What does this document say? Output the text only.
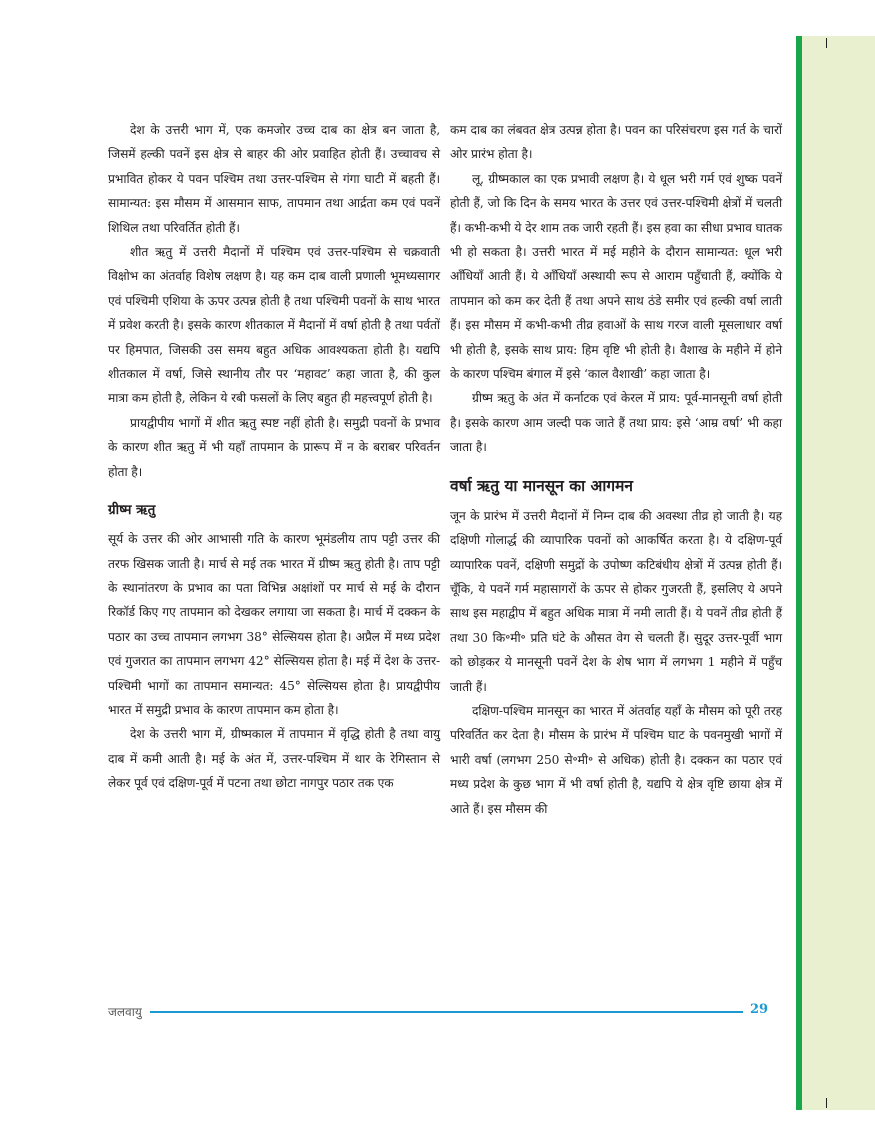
देश के उत्तरी भाग में, एक कमजोर उच्च दाब का क्षेत्र बन जाता है, जिसमें हल्की पवनें इस क्षेत्र से बाहर की ओर प्रवाहित होती हैं। उच्चावच से प्रभावित होकर ये पवन पश्चिम तथा उत्तर-पश्चिम से गंगा घाटी में बहती हैं। सामान्यत: इस मौसम में आसमान साफ, तापमान तथा आर्द्रता कम एवं पवनें शिथिल तथा परिवर्तित होती हैं।

शीत ऋतु में उत्तरी मैदानों में पश्चिम एवं उत्तर-पश्चिम से चक्रवाती विक्षोभ का अंतर्वाह विशेष लक्षण है। यह कम दाब वाली प्रणाली भूमध्यसागर एवं पश्चिमी एशिया के ऊपर उत्पन्न होती है तथा पश्चिमी पवनों के साथ भारत में प्रवेश करती है। इसके कारण शीतकाल में मैदानों में वर्षा होती है तथा पर्वतों पर हिमपात, जिसकी उस समय बहुत अधिक आवश्यकता होती है। यद्यपि शीतकाल में वर्षा, जिसे स्थानीय तौर पर ‘महावट’ कहा जाता है, की कुल मात्रा कम होती है, लेकिन ये रबी फसलों के लिए बहुत ही महत्त्वपूर्ण होती है।

प्रायद्वीपीय भागों में शीत ऋतु स्पष्ट नहीं होती है। समुद्री पवनों के प्रभाव के कारण शीत ऋतु में भी यहाँ तापमान के प्रारूप में न के बराबर परिवर्तन होता है।

ग्रीष्म ऋतु

सूर्य के उत्तर की ओर आभासी गति के कारण भूमंडलीय ताप पट्टी उत्तर की तरफ खिसक जाती है। मार्च से मई तक भारत में ग्रीष्म ऋतु होती है। ताप पट्टी के स्थानांतरण के प्रभाव का पता विभिन्न अक्षांशों पर मार्च से मई के दौरान रिकॉर्ड किए गए तापमान को देखकर लगाया जा सकता है। मार्च में दक्कन के पठार का उच्च तापमान लगभग 38° सेल्सियस होता है। अप्रैल में मध्य प्रदेश एवं गुजरात का तापमान लगभग 42° सेल्सियस होता है। मई में देश के उत्तर-पश्चिमी भागों का तापमान समान्यत: 45° सेल्सियस होता है। प्रायद्वीपीय भारत में समुद्री प्रभाव के कारण तापमान कम होता है।

देश के उत्तरी भाग में, ग्रीष्मकाल में तापमान में वृद्धि होती है तथा वायु दाब में कमी आती है। मई के अंत में, उत्तर-पश्चिम में थार के रेगिस्तान से लेकर पूर्व एवं दक्षिण-पूर्व में पटना तथा छोटा नागपुर पठार तक एक

कम दाब का लंबवत क्षेत्र उत्पन्न होता है। पवन का परिसंचरण इस गर्त के चारों ओर प्रारंभ होता है।

लू, ग्रीष्मकाल का एक प्रभावी लक्षण है। ये धूल भरी गर्म एवं शुष्क पवनें होती हैं, जो कि दिन के समय भारत के उत्तर एवं उत्तर-पश्चिमी क्षेत्रों में चलती हैं। कभी-कभी ये देर शाम तक जारी रहती हैं। इस हवा का सीधा प्रभाव घातक भी हो सकता है। उत्तरी भारत में मई महीने के दौरान सामान्यत: धूल भरी आँधियाँ आती हैं। ये आँधियाँ अस्थायी रूप से आराम पहुँचाती हैं, क्योंकि ये तापमान को कम कर देती हैं तथा अपने साथ ठंडे समीर एवं हल्की वर्षा लाती हैं। इस मौसम में कभी-कभी तीव्र हवाओं के साथ गरज वाली मूसलाधार वर्षा भी होती है, इसके साथ प्राय: हिम वृष्टि भी होती है। वैशाख के महीने में होने के कारण पश्चिम बंगाल में इसे ‘काल वैशाखी’ कहा जाता है।

ग्रीष्म ऋतु के अंत में कर्नाटक एवं केरल में प्राय: पूर्व-मानसूनी वर्षा होती है। इसके कारण आम जल्दी पक जाते हैं तथा प्राय: इसे ‘आम्र वर्षा’ भी कहा जाता है।

वर्षा ऋतु या मानसून का आगमन

जून के प्रारंभ में उत्तरी मैदानों में निम्न दाब की अवस्था तीव्र हो जाती है। यह दक्षिणी गोलार्द्ध की व्यापारिक पवनों को आकर्षित करता है। ये दक्षिण-पूर्व व्यापारिक पवनें, दक्षिणी समुद्रों के उपोष्ण कटिबंधीय क्षेत्रों में उत्पन्न होती हैं। चूँकि, ये पवनें गर्म महासागरों के ऊपर से होकर गुजरती हैं, इसलिए ये अपने साथ इस महाद्वीप में बहुत अधिक मात्रा में नमी लाती हैं। ये पवनें तीव्र होती हैं तथा 30 कि॰मी॰ प्रति घंटे के औसत वेग से चलती हैं। सुदूर उत्तर-पूर्वी भाग को छोड़कर ये मानसूनी पवनें देश के शेष भाग में लगभग 1 महीने में पहुँच जाती हैं।

दक्षिण-पश्चिम मानसून का भारत में अंतर्वाह यहाँ के मौसम को पूरी तरह परिवर्तित कर देता है। मौसम के प्रारंभ में पश्चिम घाट के पवनमुखी भागों में भारी वर्षा (लगभग 250 से॰मी॰ से अधिक) होती है। दक्कन का पठार एवं मध्य प्रदेश के कुछ भाग में भी वर्षा होती है, यद्यपि ये क्षेत्र वृष्टि छाया क्षेत्र में आते हैं। इस मौसम की

जलवायु	29
